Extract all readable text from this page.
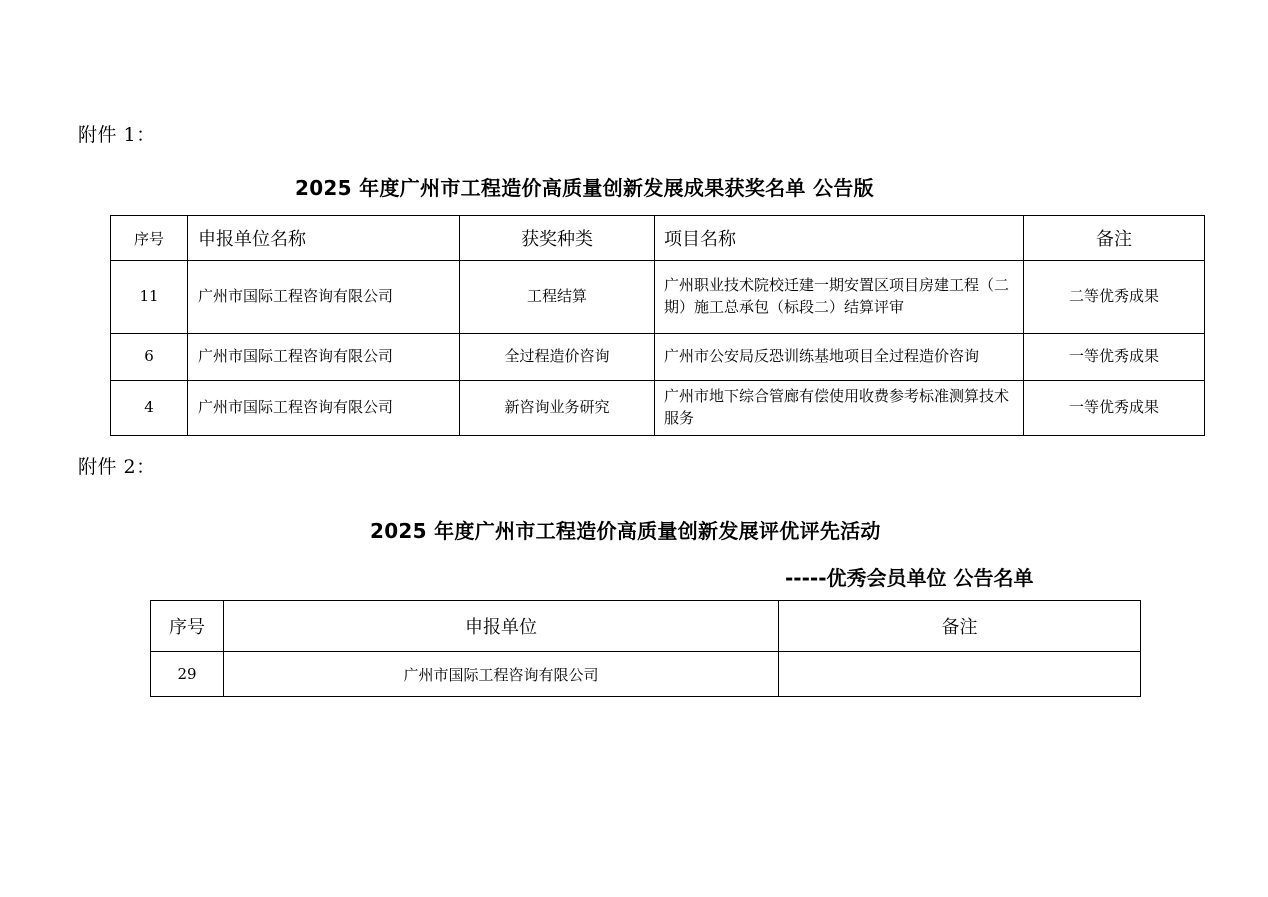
附件 1：
2025 年度广州市工程造价高质量创新发展成果获奖名单 公告版
序号	申报单位名称	获奖种类	项目名称	备注
11	广州市国际工程咨询有限公司	工程结算	广州职业技术院校迁建一期安置区项目房建工程（二期）施工总承包（标段二）结算评审	二等优秀成果
6	广州市国际工程咨询有限公司	全过程造价咨询	广州市公安局反恐训练基地项目全过程造价咨询	一等优秀成果
4	广州市国际工程咨询有限公司	新咨询业务研究	广州市地下综合管廊有偿使用收费参考标准测算技术服务	一等优秀成果
附件 2：
2025 年度广州市工程造价高质量创新发展评优评先活动
-----优秀会员单位 公告名单
序号	申报单位	备注
29	广州市国际工程咨询有限公司	
